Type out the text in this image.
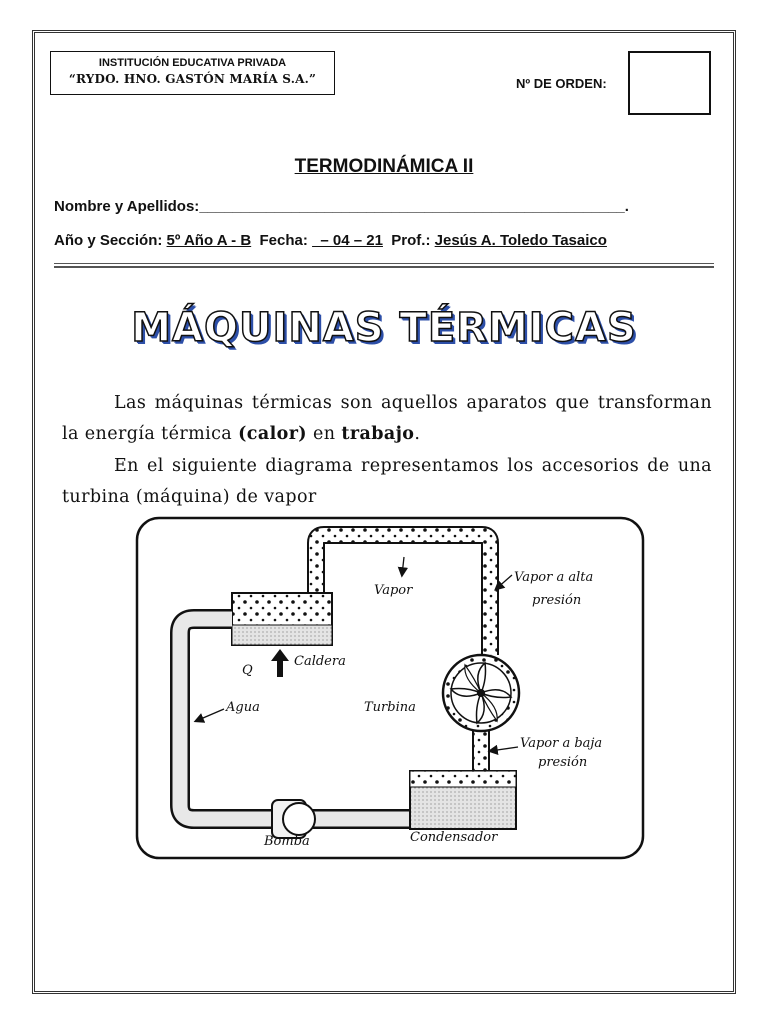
INSTITUCIÓN EDUCATIVA PRIVADA
“RYDO. HNO. GASTÓN MARÍA S.A.”	Nº DE ORDEN:
TERMODINÁMICA II
Nombre y Apellidos:___________________________________________________.
Año y Sección: 5º Año A - B Fecha:   – 04 – 21 Prof.: Jesús A. Toledo Tasaico
MÁQUINAS TÉRMICAS
Las máquinas térmicas son aquellos aparatos que transforman la energía térmica (calor) en trabajo.
En el siguiente diagrama representamos los accesorios de una turbina (máquina) de vapor
Vapor
Vapor a alta
presión
Q
Caldera
Agua	Turbina
Vapor a baja
presión
Bomba	Condensador
